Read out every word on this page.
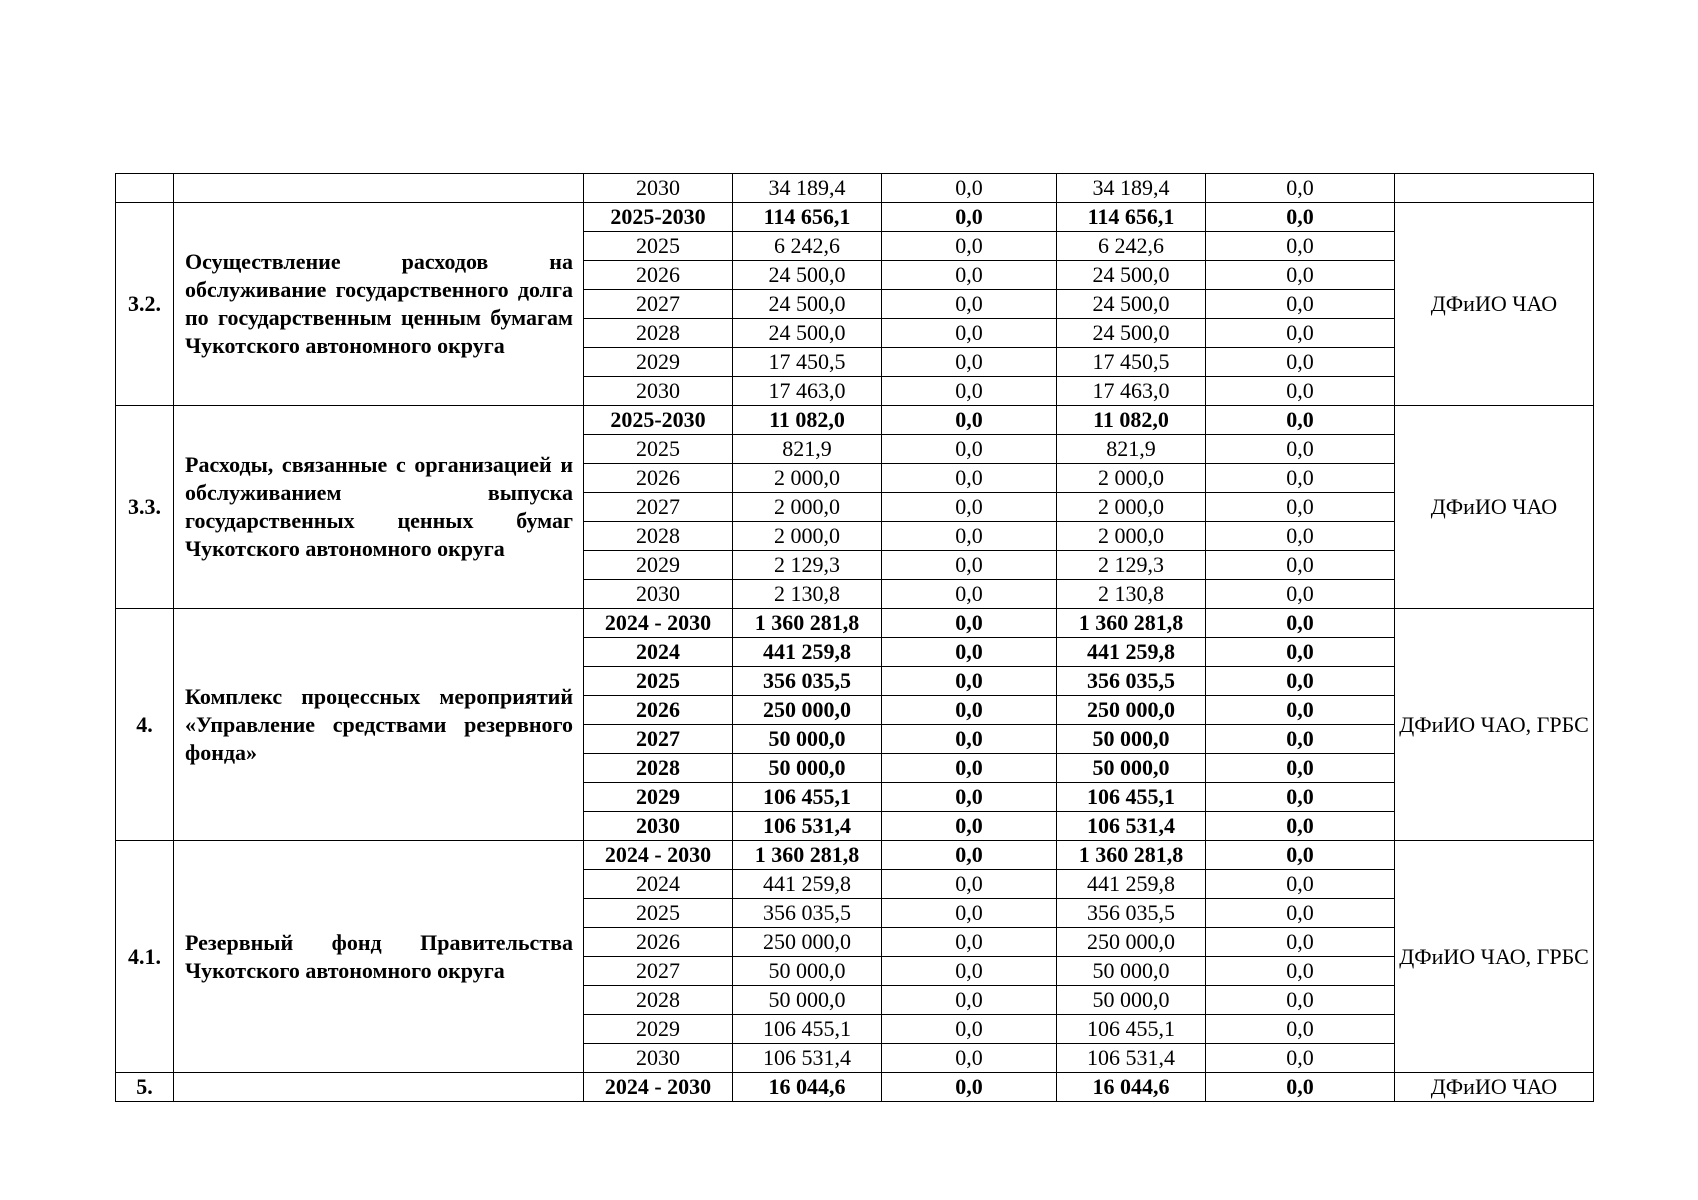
		2030	34 189,4	0,0	34 189,4	0,0	
3.2.	Осуществление расходов на обслуживание государственного долга по государственным ценным бумагам Чукотского автономного округа	2025-2030	114 656,1	0,0	114 656,1	0,0	ДФиИО ЧАО
		2025	6 242,6	0,0	6 242,6	0,0	
		2026	24 500,0	0,0	24 500,0	0,0	
		2027	24 500,0	0,0	24 500,0	0,0	
		2028	24 500,0	0,0	24 500,0	0,0	
		2029	17 450,5	0,0	17 450,5	0,0	
		2030	17 463,0	0,0	17 463,0	0,0	
3.3.	Расходы, связанные с организацией и обслуживанием выпуска государственных ценных бумаг Чукотского автономного округа	2025-2030	11 082,0	0,0	11 082,0	0,0	ДФиИО ЧАО
		2025	821,9	0,0	821,9	0,0	
		2026	2 000,0	0,0	2 000,0	0,0	
		2027	2 000,0	0,0	2 000,0	0,0	
		2028	2 000,0	0,0	2 000,0	0,0	
		2029	2 129,3	0,0	2 129,3	0,0	
		2030	2 130,8	0,0	2 130,8	0,0	
4.	Комплекс процессных мероприятий «Управление средствами резервного фонда»	2024 - 2030	1 360 281,8	0,0	1 360 281,8	0,0	ДФиИО ЧАО, ГРБС
		2024	441 259,8	0,0	441 259,8	0,0	
		2025	356 035,5	0,0	356 035,5	0,0	
		2026	250 000,0	0,0	250 000,0	0,0	
		2027	50 000,0	0,0	50 000,0	0,0	
		2028	50 000,0	0,0	50 000,0	0,0	
		2029	106 455,1	0,0	106 455,1	0,0	
		2030	106 531,4	0,0	106 531,4	0,0	
4.1.	Резервный фонд Правительства Чукотского автономного округа	2024 - 2030	1 360 281,8	0,0	1 360 281,8	0,0	ДФиИО ЧАО, ГРБС
		2024	441 259,8	0,0	441 259,8	0,0	
		2025	356 035,5	0,0	356 035,5	0,0	
		2026	250 000,0	0,0	250 000,0	0,0	
		2027	50 000,0	0,0	50 000,0	0,0	
		2028	50 000,0	0,0	50 000,0	0,0	
		2029	106 455,1	0,0	106 455,1	0,0	
		2030	106 531,4	0,0	106 531,4	0,0	
5.		2024 - 2030	16 044,6	0,0	16 044,6	0,0	ДФиИО ЧАО
